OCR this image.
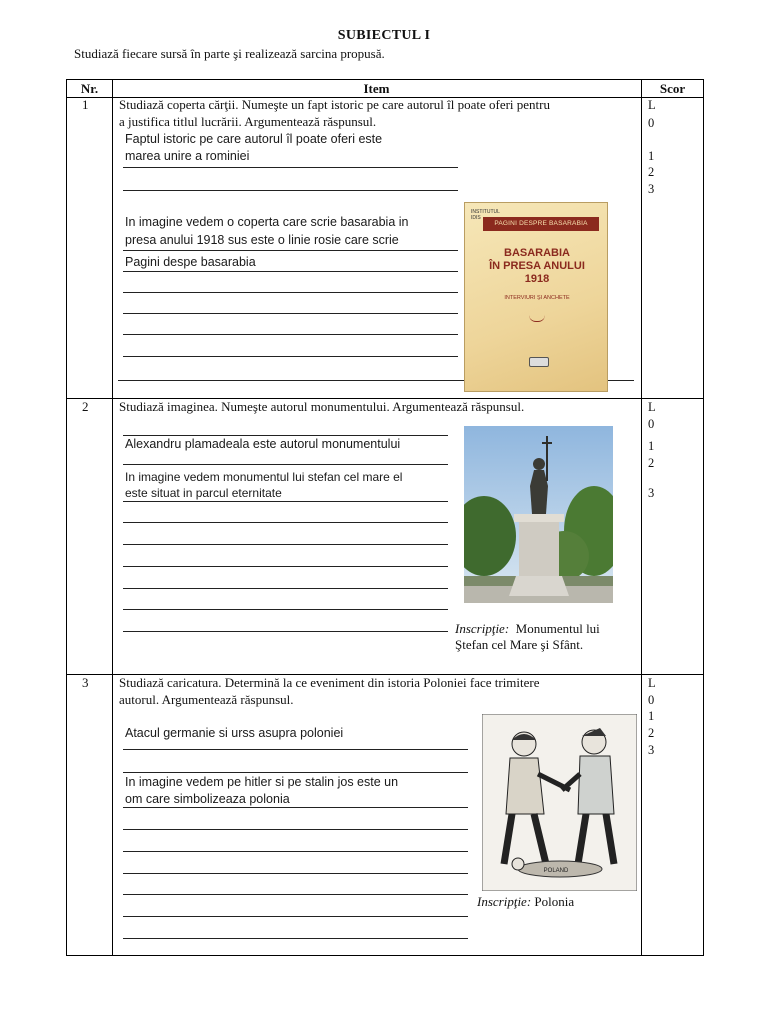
SUBIECTUL I
Studiază fiecare sursă în parte şi realizează sarcina propusă.
Nr.	Item	Scor
1 Studiază coperta cărţii. Numeşte un fapt istoric pe care autorul îl poate oferi pentru
a justifica titlul lucrării. Argumentează răspunsul.
Faptul istoric pe care autorul îl poate oferi este
marea unire a rominiei
In imagine vedem o coperta care scrie basarabia in
presa anului 1918 sus este o linie rosie care scrie
Pagini despe basarabia
INSTITUTUL
IDIS
PAGINI DESPRE BASARABIA
BASARABIA
ÎN PRESA ANULUI
1918
INTERVIURI ŞI ANCHETE
L
0
1
2
3
2 Studiază imaginea. Numeşte autorul monumentului. Argumentează răspunsul.
Alexandru plamadeala este autorul monumentului
In imagine vedem monumentul lui stefan cel mare el
este situat in parcul eternitate
Inscripţie: Monumentul lui
Ştefan cel Mare şi Sfânt.
L
0
1
2
3
3 Studiază caricatura. Determină la ce eveniment din istoria Poloniei face trimitere
autorul. Argumentează răspunsul.
Atacul germanie si urss asupra poloniei
In imagine vedem pe hitler si pe stalin jos este un
om care simbolizeaza polonia
POLAND
Inscripţie: Polonia
L
0
1
2
3
